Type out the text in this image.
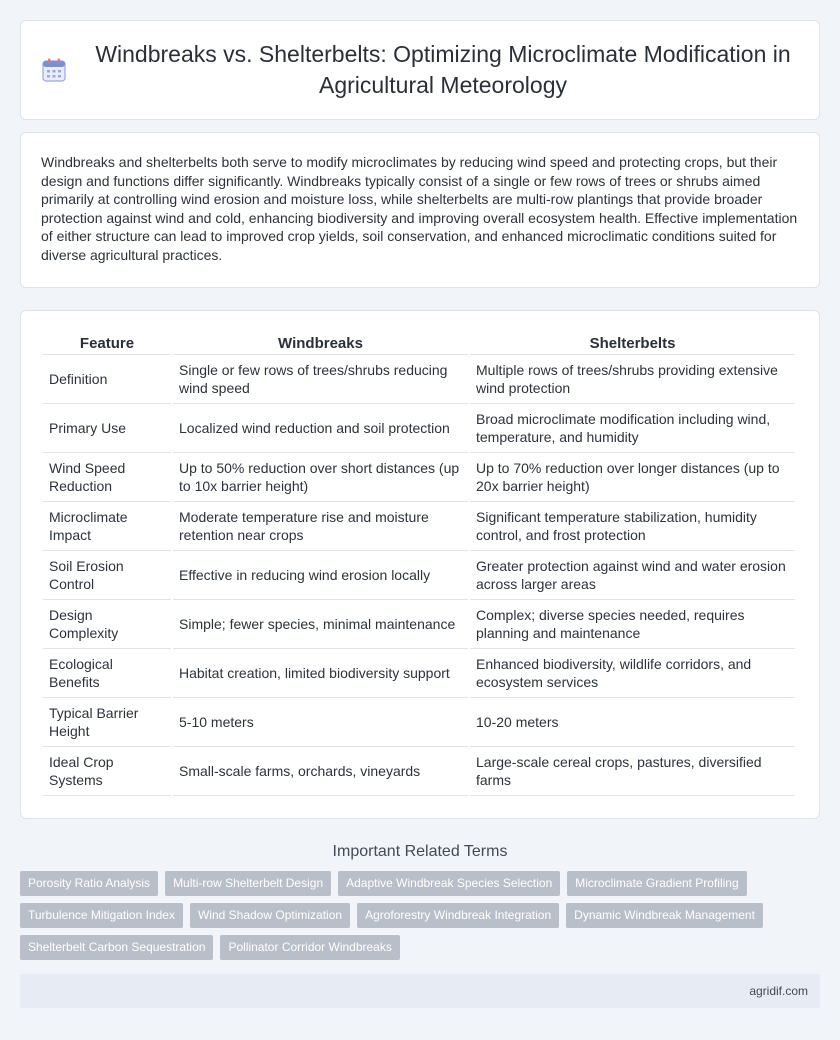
Windbreaks vs. Shelterbelts: Optimizing Microclimate Modification in Agricultural Meteorology

Windbreaks and shelterbelts both serve to modify microclimates by reducing wind speed and protecting crops, but their design and functions differ significantly. Windbreaks typically consist of a single or few rows of trees or shrubs aimed primarily at controlling wind erosion and moisture loss, while shelterbelts are multi-row plantings that provide broader protection against wind and cold, enhancing biodiversity and improving overall ecosystem health. Effective implementation of either structure can lead to improved crop yields, soil conservation, and enhanced microclimatic conditions suited for diverse agricultural practices.

Feature	Windbreaks	Shelterbelts
Definition	Single or few rows of trees/shrubs reducing wind speed	Multiple rows of trees/shrubs providing extensive wind protection
Primary Use	Localized wind reduction and soil protection	Broad microclimate modification including wind, temperature, and humidity
Wind Speed Reduction	Up to 50% reduction over short distances (up to 10x barrier height)	Up to 70% reduction over longer distances (up to 20x barrier height)
Microclimate Impact	Moderate temperature rise and moisture retention near crops	Significant temperature stabilization, humidity control, and frost protection
Soil Erosion Control	Effective in reducing wind erosion locally	Greater protection against wind and water erosion across larger areas
Design Complexity	Simple; fewer species, minimal maintenance	Complex; diverse species needed, requires planning and maintenance
Ecological Benefits	Habitat creation, limited biodiversity support	Enhanced biodiversity, wildlife corridors, and ecosystem services
Typical Barrier Height	5-10 meters	10-20 meters
Ideal Crop Systems	Small-scale farms, orchards, vineyards	Large-scale cereal crops, pastures, diversified farms
Important Related Terms
Porosity Ratio Analysis	Multi-row Shelterbelt Design	Adaptive Windbreak Species Selection	Microclimate Gradient Profiling
Turbulence Mitigation Index	Wind Shadow Optimization	Agroforestry Windbreak Integration	Dynamic Windbreak Management
Shelterbelt Carbon Sequestration	Pollinator Corridor Windbreaks
agridif.com
